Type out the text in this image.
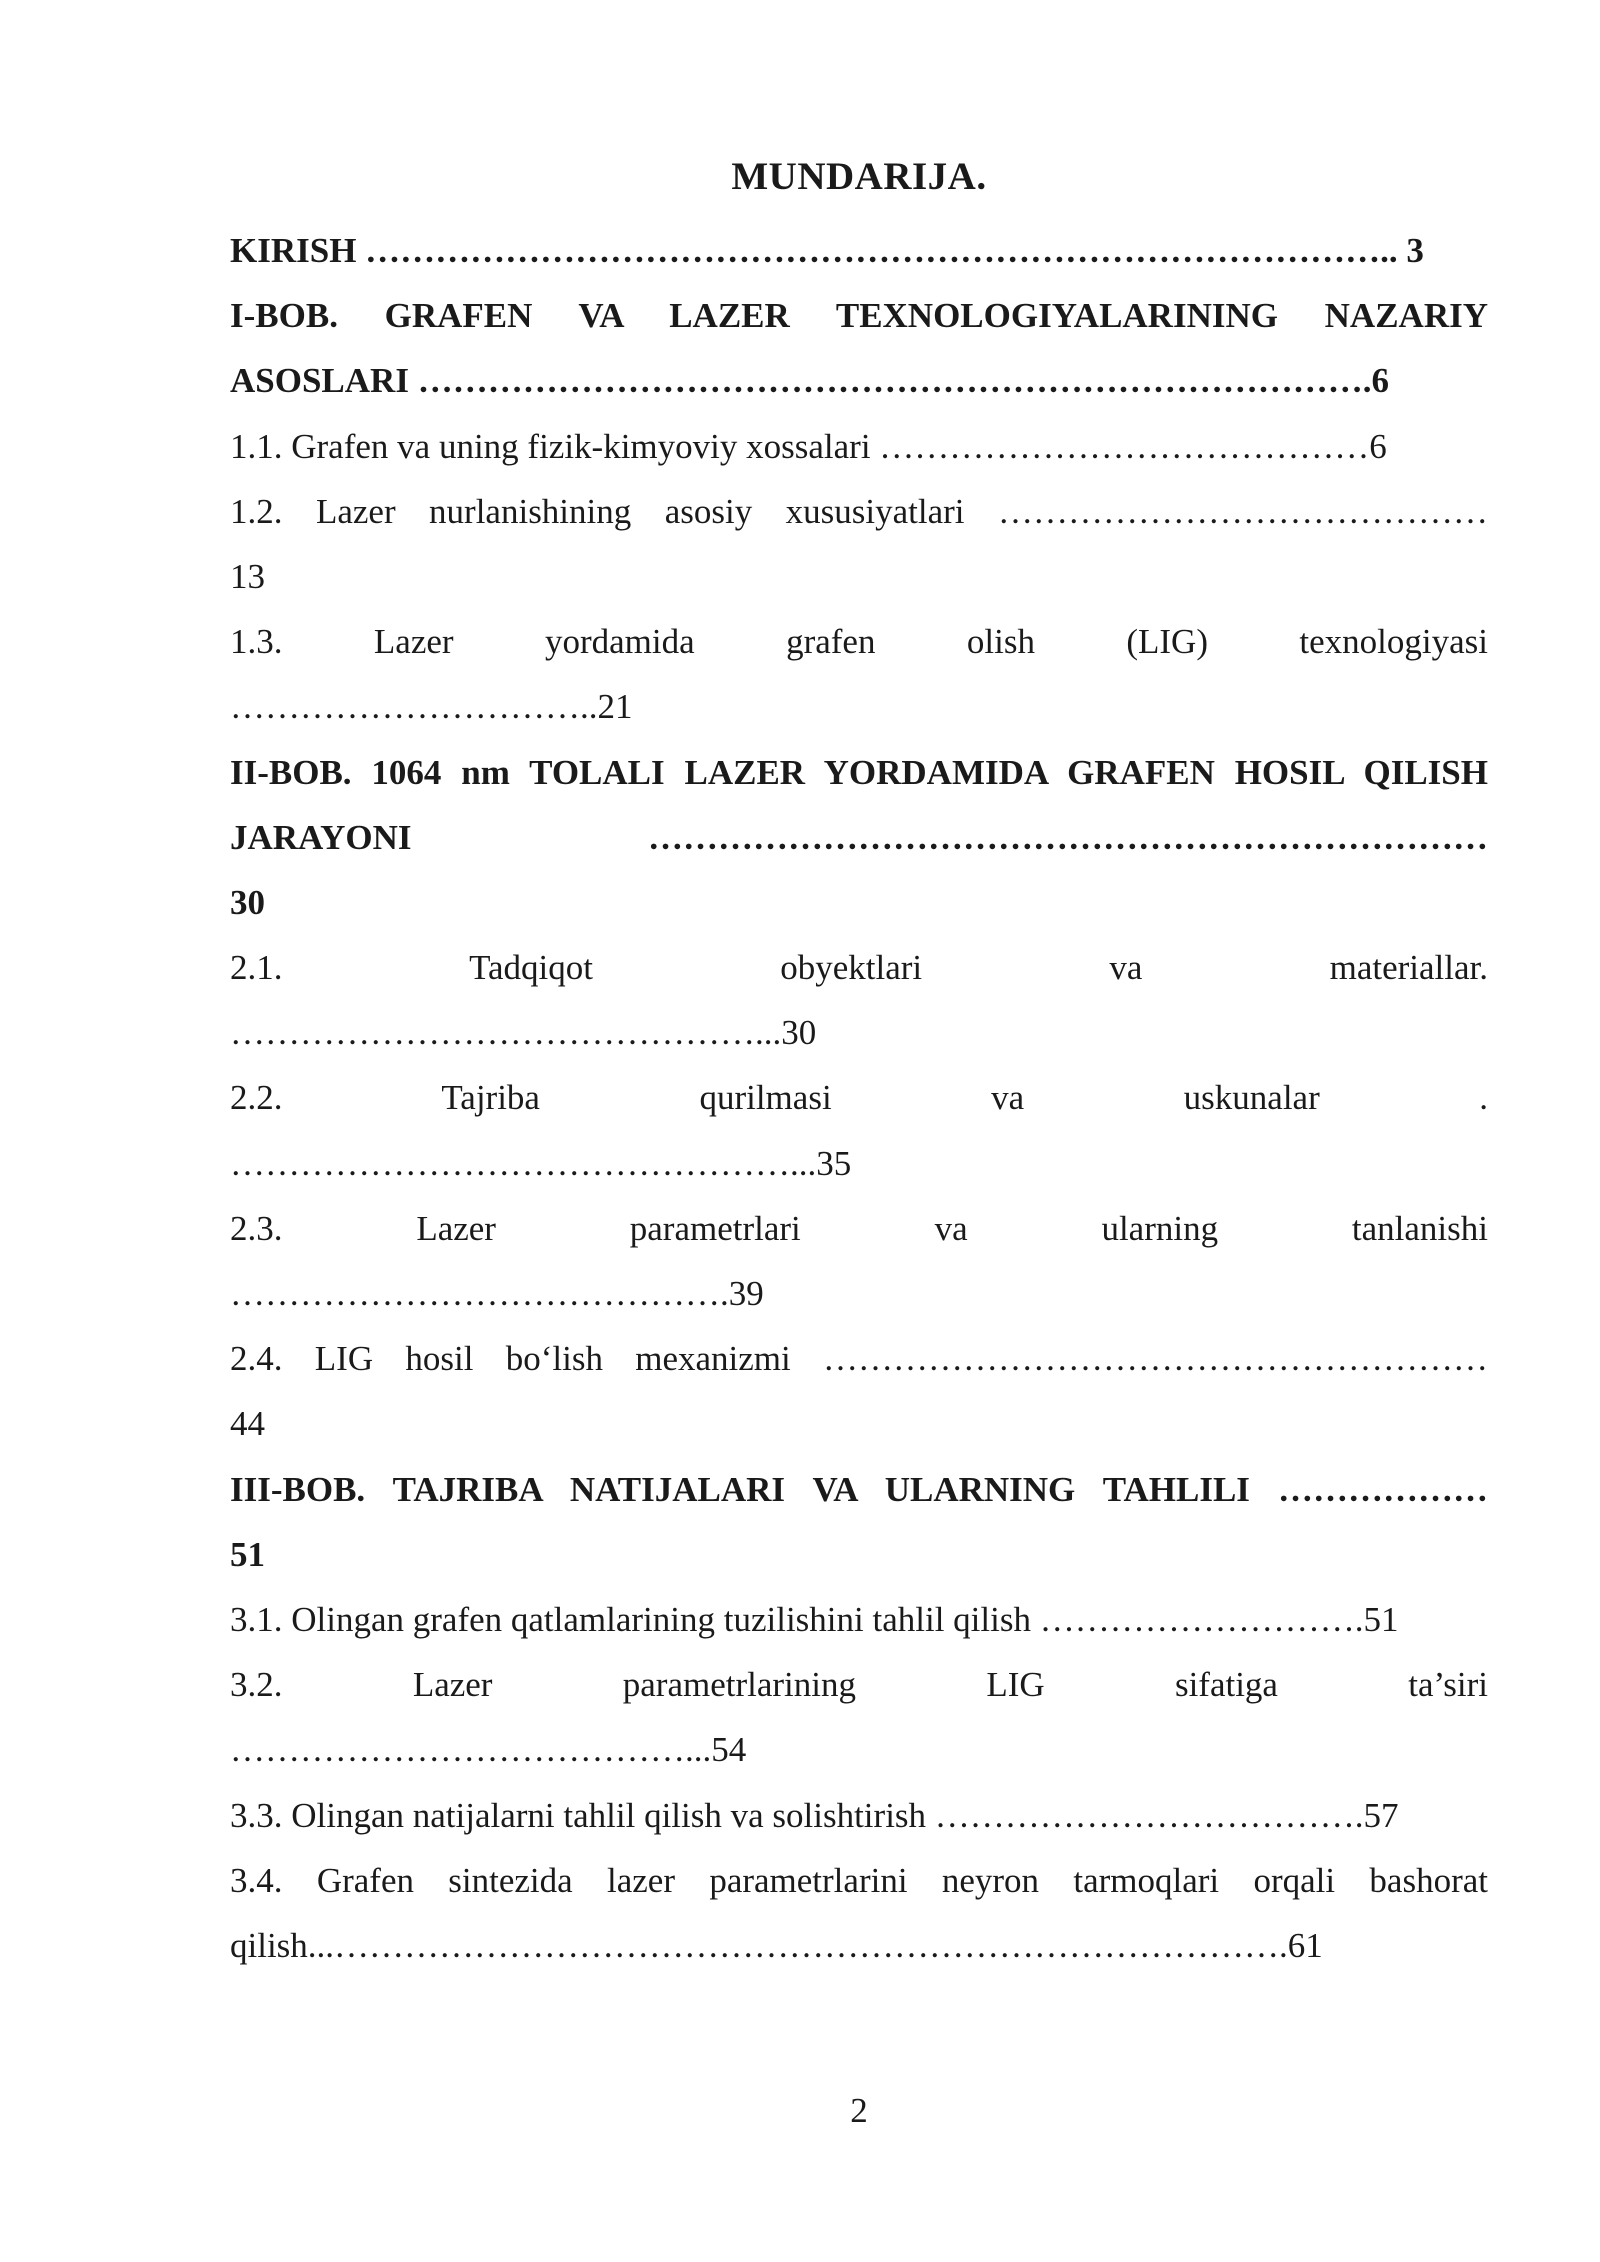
MUNDARIJA.
KIRISH …………………………………………………………………………….. 3
I-BOB. GRAFEN VA LAZER TEXNOLOGIYALARINING NAZARIY
ASOSLARI ……………………………………………………………………….6
1.1. Grafen va uning fizik-kimyoviy xossalari ……………………………………6
1.2. Lazer nurlanishining asosiy xususiyatlari ……………………………………
13
1.3. Lazer yordamida grafen olish (LIG) texnologiyasi
…………………………..21
II-BOB. 1064 nm TOLALI LAZER YORDAMIDA GRAFEN HOSIL QILISH
JARAYONI ………………………………………………………………
30
2.1. Tadqiqot obyektlari va materiallar.
………………………………………...30
2.2. Tajriba qurilmasi va uskunalar .
…………………………………………...35
2.3. Lazer parametrlari va ularning tanlanishi
…………………………………….39
2.4. LIG hosil bo‘lish mexanizmi …………………………………………………
44
III-BOB. TAJRIBA NATIJALARI VA ULARNING TAHLILI ………………
51
3.1. Olingan grafen qatlamlarining tuzilishini tahlil qilish ……………………….51
3.2. Lazer parametrlarining LIG sifatiga ta’siri
…………………………………...54
3.3. Olingan natijalarni tahlil qilish va solishtirish ……………………………….57
3.4. Grafen sintezida lazer parametrlarini neyron tarmoqlari orqali bashorat
qilish...……………………………………………………………………….61
2
